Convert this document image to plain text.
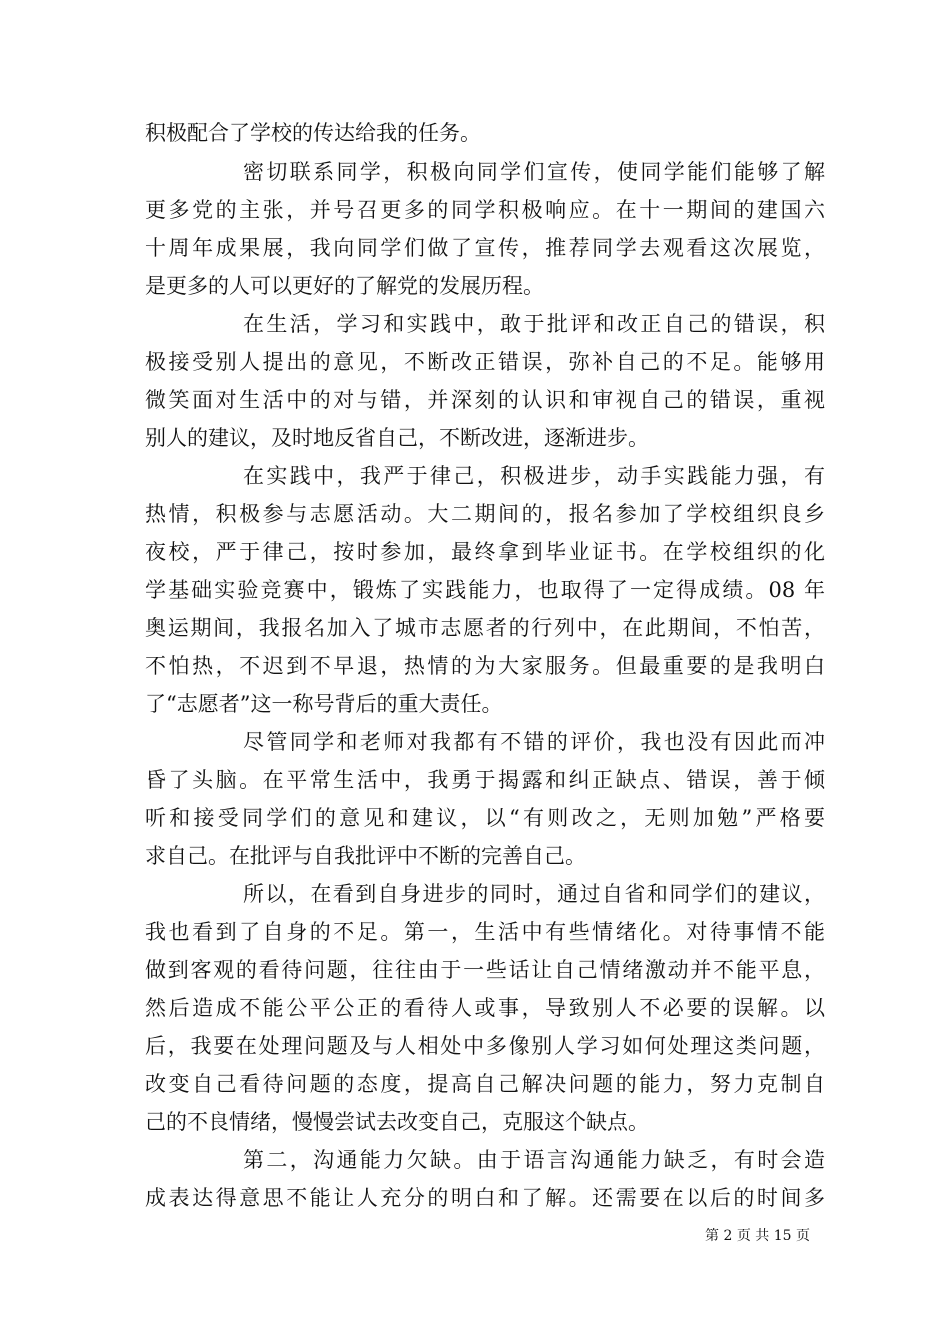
积极配合了学校的传达给我的任务。
密切联系同学，积极向同学们宣传，使同学能们能够了解
更多党的主张，并号召更多的同学积极响应。在十一期间的建国六
十周年成果展，我向同学们做了宣传，推荐同学去观看这次展览，
是更多的人可以更好的了解党的发展历程。
在生活，学习和实践中，敢于批评和改正自己的错误，积
极接受别人提出的意见，不断改正错误，弥补自己的不足。能够用
微笑面对生活中的对与错，并深刻的认识和审视自己的错误，重视
别人的建议，及时地反省自己，不断改进，逐渐进步。
在实践中，我严于律己，积极进步，动手实践能力强，有
热情，积极参与志愿活动。大二期间的，报名参加了学校组织良乡
夜校，严于律己，按时参加，最终拿到毕业证书。在学校组织的化
学基础实验竞赛中，锻炼了实践能力，也取得了一定得成绩。08 年
奥运期间，我报名加入了城市志愿者的行列中，在此期间，不怕苦，
不怕热，不迟到不早退，热情的为大家服务。但最重要的是我明白
了“志愿者”这一称号背后的重大责任。
尽管同学和老师对我都有不错的评价，我也没有因此而冲
昏了头脑。在平常生活中，我勇于揭露和纠正缺点、错误，善于倾
听和接受同学们的意见和建议，以“有则改之，无则加勉”严格要
求自己。在批评与自我批评中不断的完善自己。
所以，在看到自身进步的同时，通过自省和同学们的建议，
我也看到了自身的不足。第一，生活中有些情绪化。对待事情不能
做到客观的看待问题，往往由于一些话让自己情绪激动并不能平息，
然后造成不能公平公正的看待人或事，导致别人不必要的误解。以
后，我要在处理问题及与人相处中多像别人学习如何处理这类问题，
改变自己看待问题的态度，提高自己解决问题的能力，努力克制自
己的不良情绪，慢慢尝试去改变自己，克服这个缺点。
第二，沟通能力欠缺。由于语言沟通能力缺乏，有时会造
成表达得意思不能让人充分的明白和了解。还需要在以后的时间多
第 2 页 共 15 页
